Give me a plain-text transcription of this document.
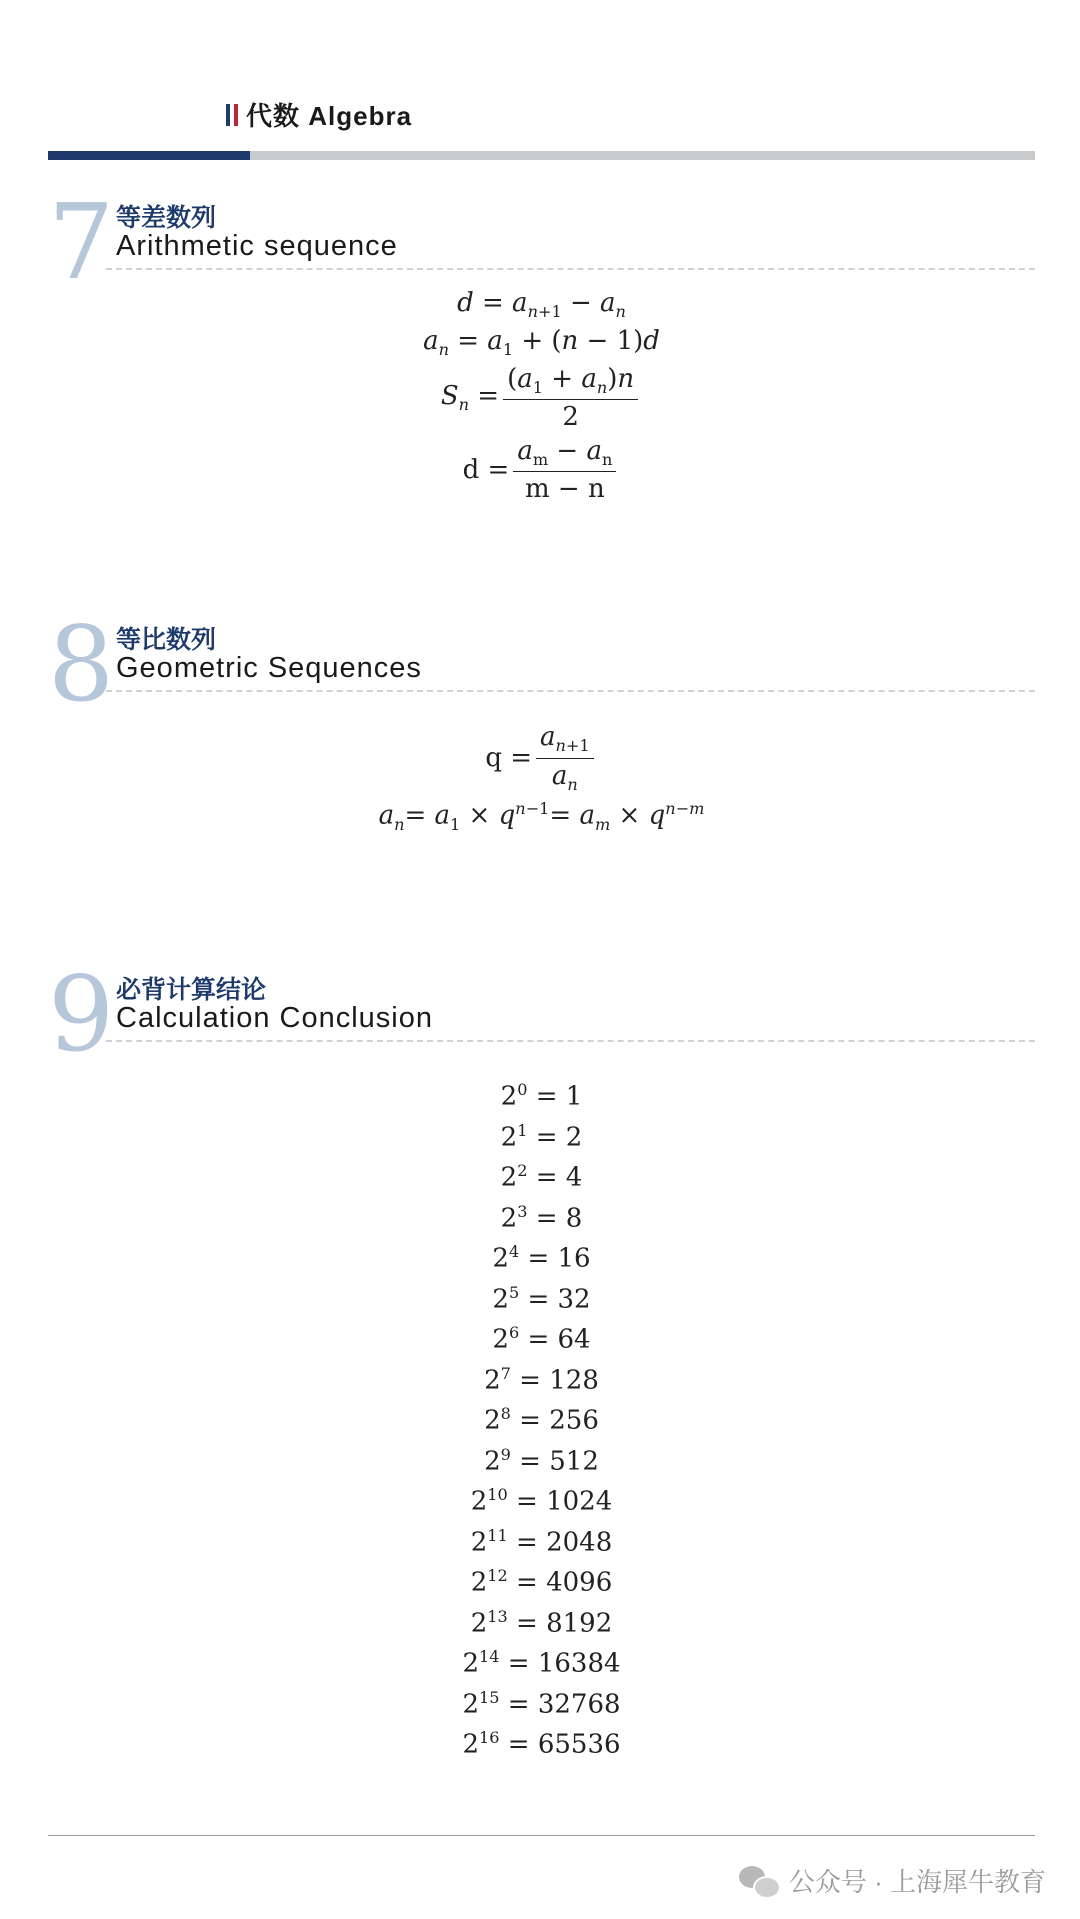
代数 Algebra
7 等差数列
Arithmetic sequence
$d = a_{n+1} - a_n$
$a_n = a_1 + (n - 1)d$
$S_n = \frac{(a_1 + a_n)n}{2}$
$d = \frac{a_m - a_n}{m - n}$
8 等比数列
Geometric Sequences
$q = \frac{a_{n+1}}{a_n}$
$a_n= a_1 \times q^{n-1}= a_m \times q^{n-m}$
9 必背计算结论
Calculation Conclusion
$2^0 = 1$
$2^1 = 2$
$2^2 = 4$
$2^3 = 8$
$2^4 = 16$
$2^5 = 32$
$2^6 = 64$
$2^7 = 128$
$2^8 = 256$
$2^9 = 512$
$2^{10} = 1024$
$2^{11} = 2048$
$2^{12} = 4096$
$2^{13} = 8192$
$2^{14} = 16384$
$2^{15} = 32768$
$2^{16} = 65536$
公众号 · 上海犀牛教育
